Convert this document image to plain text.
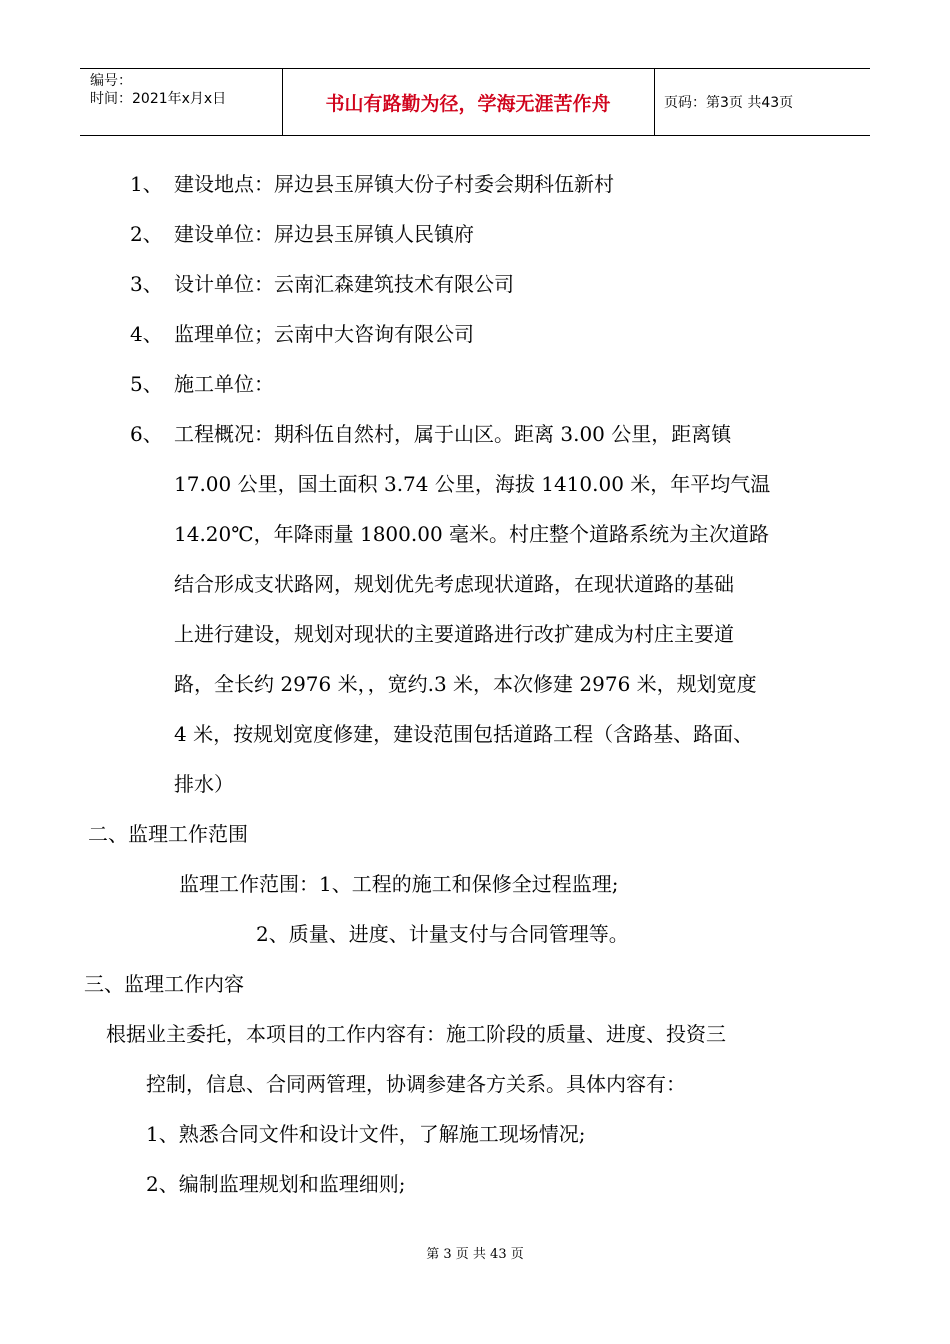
编号：
时间：2021年x月x日	书山有路勤为径，学海无涯苦作舟	页码：第3页 共43页
1、 建设地点：屏边县玉屏镇大份子村委会期科伍新村
2、 建设单位：屏边县玉屏镇人民镇府
3、 设计单位：云南汇森建筑技术有限公司
4、 监理单位；云南中大咨询有限公司
5、 施工单位：
6、 工程概况：期科伍自然村，属于山区。距离 3.00 公里，距离镇
17.00 公里，国土面积 3.74 公里，海拔 1410.00 米，年平均气温
14.20℃，年降雨量 1800.00 毫米。村庄整个道路系统为主次道路
结合形成支状路网，规划优先考虑现状道路，在现状道路的基础
上进行建设，规划对现状的主要道路进行改扩建成为村庄主要道
路，全长约 2976 米，，宽约.3 米，本次修建 2976 米，规划宽度
4 米，按规划宽度修建，建设范围包括道路工程（含路基、路面、
排水）
二、监理工作范围
监理工作范围：1、工程的施工和保修全过程监理;
2、质量、进度、计量支付与合同管理等。
三、监理工作内容
根据业主委托，本项目的工作内容有：施工阶段的质量、进度、投资三
控制，信息、合同两管理，协调参建各方关系。具体内容有：
1、熟悉合同文件和设计文件，了解施工现场情况;
2、编制监理规划和监理细则;
第 3 页 共 43 页
